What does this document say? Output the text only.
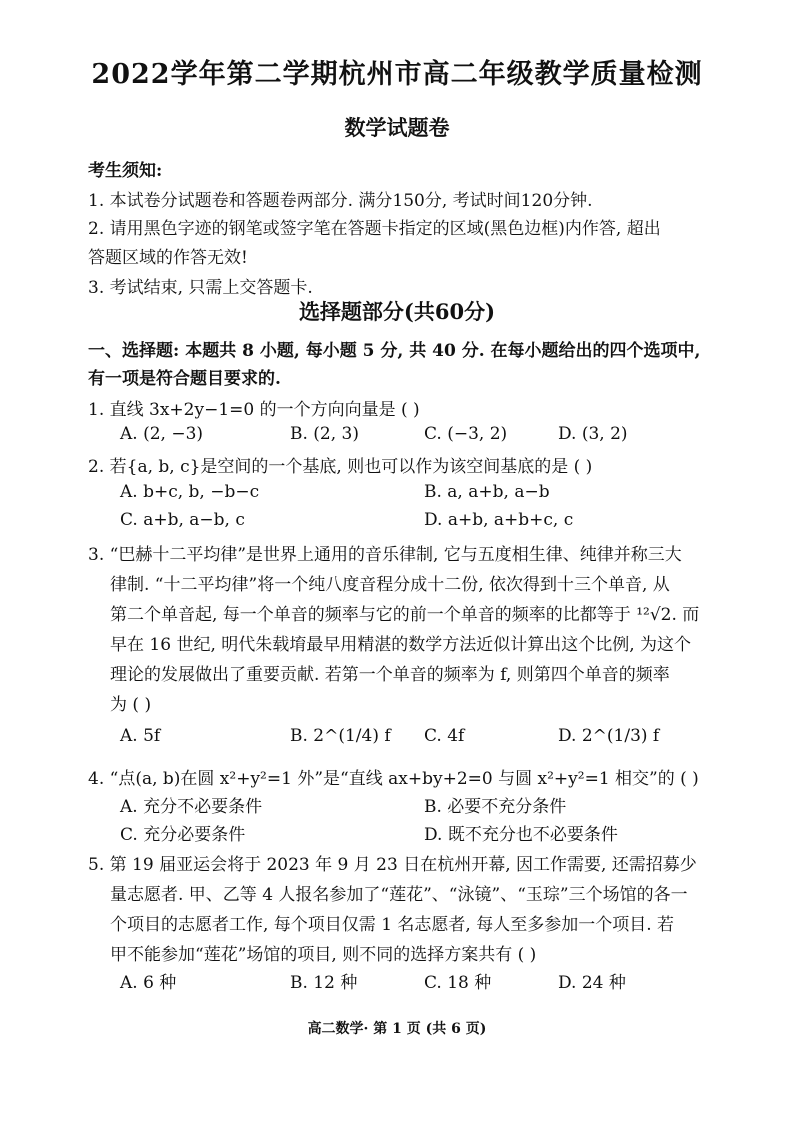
2022学年第二学期杭州市高二年级教学质量检测
数学试题卷
考生须知:
1. 本试卷分试题卷和答题卷两部分. 满分150分, 考试时间120分钟.
2. 请用黑色字迹的钢笔或签字笔在答题卡指定的区域(黑色边框)内作答, 超出
答题区域的作答无效!
3. 考试结束, 只需上交答题卡.
选择题部分(共60分)
一、选择题: 本题共 8 小题, 每小题 5 分, 共 40 分. 在每小题给出的四个选项中,
有一项是符合题目要求的.
1. 直线 3x+2y−1=0 的一个方向向量是 ( )
A. (2, −3)	B. (2, 3)	C. (−3, 2)	D. (3, 2)
2. 若{a, b, c}是空间的一个基底, 则也可以作为该空间基底的是 ( )
A. b+c, b, −b−c	B. a, a+b, a−b
C. a+b, a−b, c	D. a+b, a+b+c, c
3. “巴赫十二平均律”是世界上通用的音乐律制, 它与五度相生律、纯律并称三大
律制. “十二平均律”将一个纯八度音程分成十二份, 依次得到十三个单音, 从
第二个单音起, 每一个单音的频率与它的前一个单音的频率的比都等于 ¹²√2. 而
早在 16 世纪, 明代朱载堉最早用精湛的数学方法近似计算出这个比例, 为这个
理论的发展做出了重要贡献. 若第一个单音的频率为 f, 则第四个单音的频率
为 ( )
A. 5f	B. 2^(1/4) f C. 4f	D. 2^(1/3) f
4. “点(a, b)在圆 x²+y²=1 外”是“直线 ax+by+2=0 与圆 x²+y²=1 相交”的 ( )
A. 充分不必要条件	B. 必要不充分条件
C. 充分必要条件	D. 既不充分也不必要条件
5. 第 19 届亚运会将于 2023 年 9 月 23 日在杭州开幕, 因工作需要, 还需招募少
量志愿者. 甲、乙等 4 人报名参加了“莲花”、“泳镜”、“玉琮”三个场馆的各一
个项目的志愿者工作, 每个项目仅需 1 名志愿者, 每人至多参加一个项目. 若
甲不能参加“莲花”场馆的项目, 则不同的选择方案共有 ( )
A. 6 种	B. 12 种	C. 18 种	D. 24 种
高二数学· 第 1 页 (共 6 页)
